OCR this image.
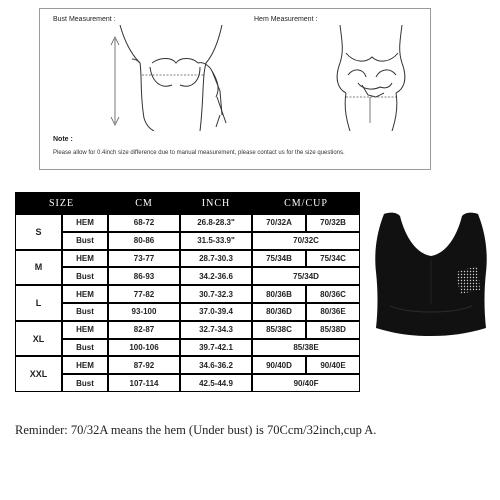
Bust Measurement :	Hem Measurement :
Note :
Please allow for 0.4inch size difference due to manual measurement, please contact us for the size questions.
SIZE		CM	INCH	CM/CUP	
S	HEM	68-72	26.8-28.3"	70/32A	70/32B
	Bust	80-86	31.5-33.9"	70/32C	
M	HEM	73-77	28.7-30.3	75/34B	75/34C
	Bust	86-93	34.2-36.6	75/34D	
L	HEM	77-82	30.7-32.3	80/36B	80/36C
	Bust	93-100	37.0-39.4	80/36D	80/36E
XL	HEM	82-87	32.7-34.3	85/38C	85/38D
	Bust	100-106	39.7-42.1	85/38E	
XXL	HEM	87-92	34.6-36.2	90/40D	90/40E
	Bust	107-114	42.5-44.9	90/40F	
Reminder: 70/32A means the hem (Under bust) is 70Ccm/32inch,cup A.
